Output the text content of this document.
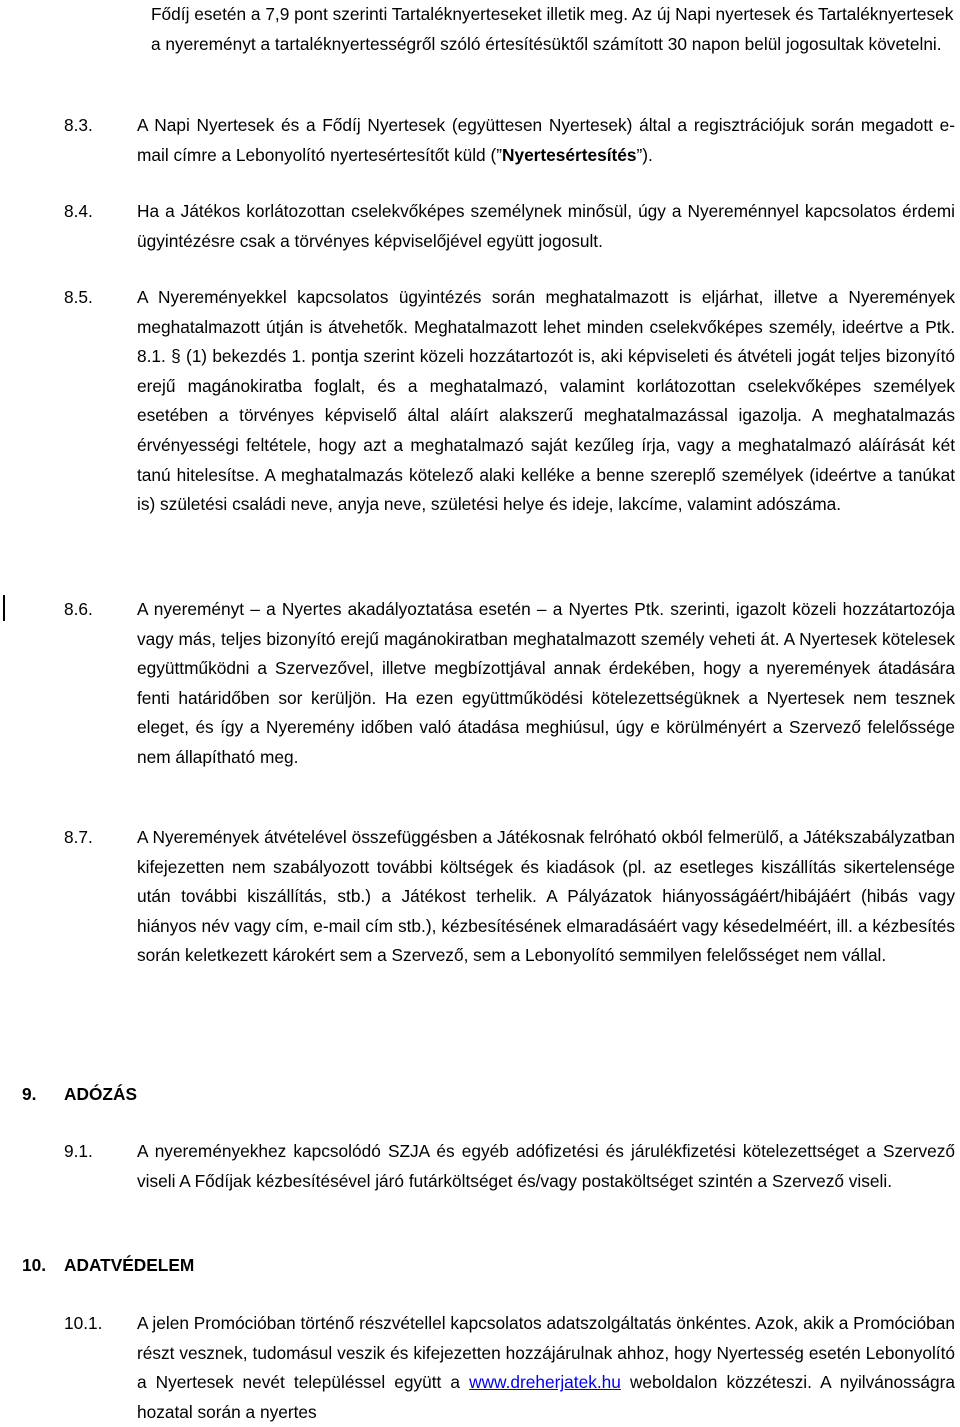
Fődíj esetén a 7,9 pont szerinti Tartaléknyerteseket illetik meg. Az új Napi nyertesek és Tartaléknyertesek a nyereményt a tartaléknyertességről szóló értesítésüktől számított 30 napon belül jogosultak követelni.
8.3.	A Napi Nyertesek és a Fődíj Nyertesek (együttesen Nyertesek) által a regisztrációjuk során megadott e-mail címre a Lebonyolító nyertesértesítőt küld (”Nyertesértesítés”).
8.4.	Ha a Játékos korlátozottan cselekvőképes személynek minősül, úgy a Nyereménnyel kapcsolatos érdemi ügyintézésre csak a törvényes képviselőjével együtt jogosult.
8.5.	A Nyereményekkel kapcsolatos ügyintézés során meghatalmazott is eljárhat, illetve a Nyeremények meghatalmazott útján is átvehetők. Meghatalmazott lehet minden cselekvőképes személy, ideértve a Ptk. 8.1. § (1) bekezdés 1. pontja szerint közeli hozzátartozót is, aki képviseleti és átvételi jogát teljes bizonyító erejű magánokiratba foglalt, és a meghatalmazó, valamint korlátozottan cselekvőképes személyek esetében a törvényes képviselő által aláírt alakszerű meghatalmazással igazolja. A meghatalmazás érvényességi feltétele, hogy azt a meghatalmazó saját kezűleg írja, vagy a meghatalmazó aláírását két tanú hitelesítse. A meghatalmazás kötelező alaki kelléke a benne szereplő személyek (ideértve a tanúkat is) születési családi neve, anyja neve, születési helye és ideje, lakcíme, valamint adószáma.
8.6.	A nyereményt – a Nyertes akadályoztatása esetén – a Nyertes Ptk. szerinti, igazolt közeli hozzátartozója vagy más, teljes bizonyító erejű magánokiratban meghatalmazott személy veheti át. A Nyertesek kötelesek együttműködni a Szervezővel, illetve megbízottjával annak érdekében, hogy a nyeremények átadására fenti határidőben sor kerüljön. Ha ezen együttműködési kötelezettségüknek a Nyertesek nem tesznek eleget, és így a Nyeremény időben való átadása meghiúsul, úgy e körülményért a Szervező felelőssége nem állapítható meg.
8.7.	A Nyeremények átvételével összefüggésben a Játékosnak felróható okból felmerülő, a Játékszabályzatban kifejezetten nem szabályozott további költségek és kiadások (pl. az esetleges kiszállítás sikertelensége után további kiszállítás, stb.) a Játékost terhelik. A Pályázatok hiányosságáért/hibájáért (hibás vagy hiányos név vagy cím, e-mail cím stb.), kézbesítésének elmaradásáért vagy késedelméért, ill. a kézbesítés során keletkezett károkért sem a Szervező, sem a Lebonyolító semmilyen felelősséget nem vállal.
9. ADÓZÁS
9.1.	A nyereményekhez kapcsolódó SZJA és egyéb adófizetési és járulékfizetési kötelezettséget a Szervező viseli A Fődíjak kézbesítésével járó futárköltséget és/vagy postaköltséget szintén a Szervező viseli.
10. ADATVÉDELEM
10.1. A jelen Promócióban történő részvétellel kapcsolatos adatszolgáltatás önkéntes. Azok, akik a Promócióban részt vesznek, tudomásul veszik és kifejezetten hozzájárulnak ahhoz, hogy Nyertesség esetén Lebonyolító a Nyertesek nevét településsel együtt a www.dreherjatek.hu weboldalon közzéteszi. A nyilvánosságra hozatal során a nyertes
